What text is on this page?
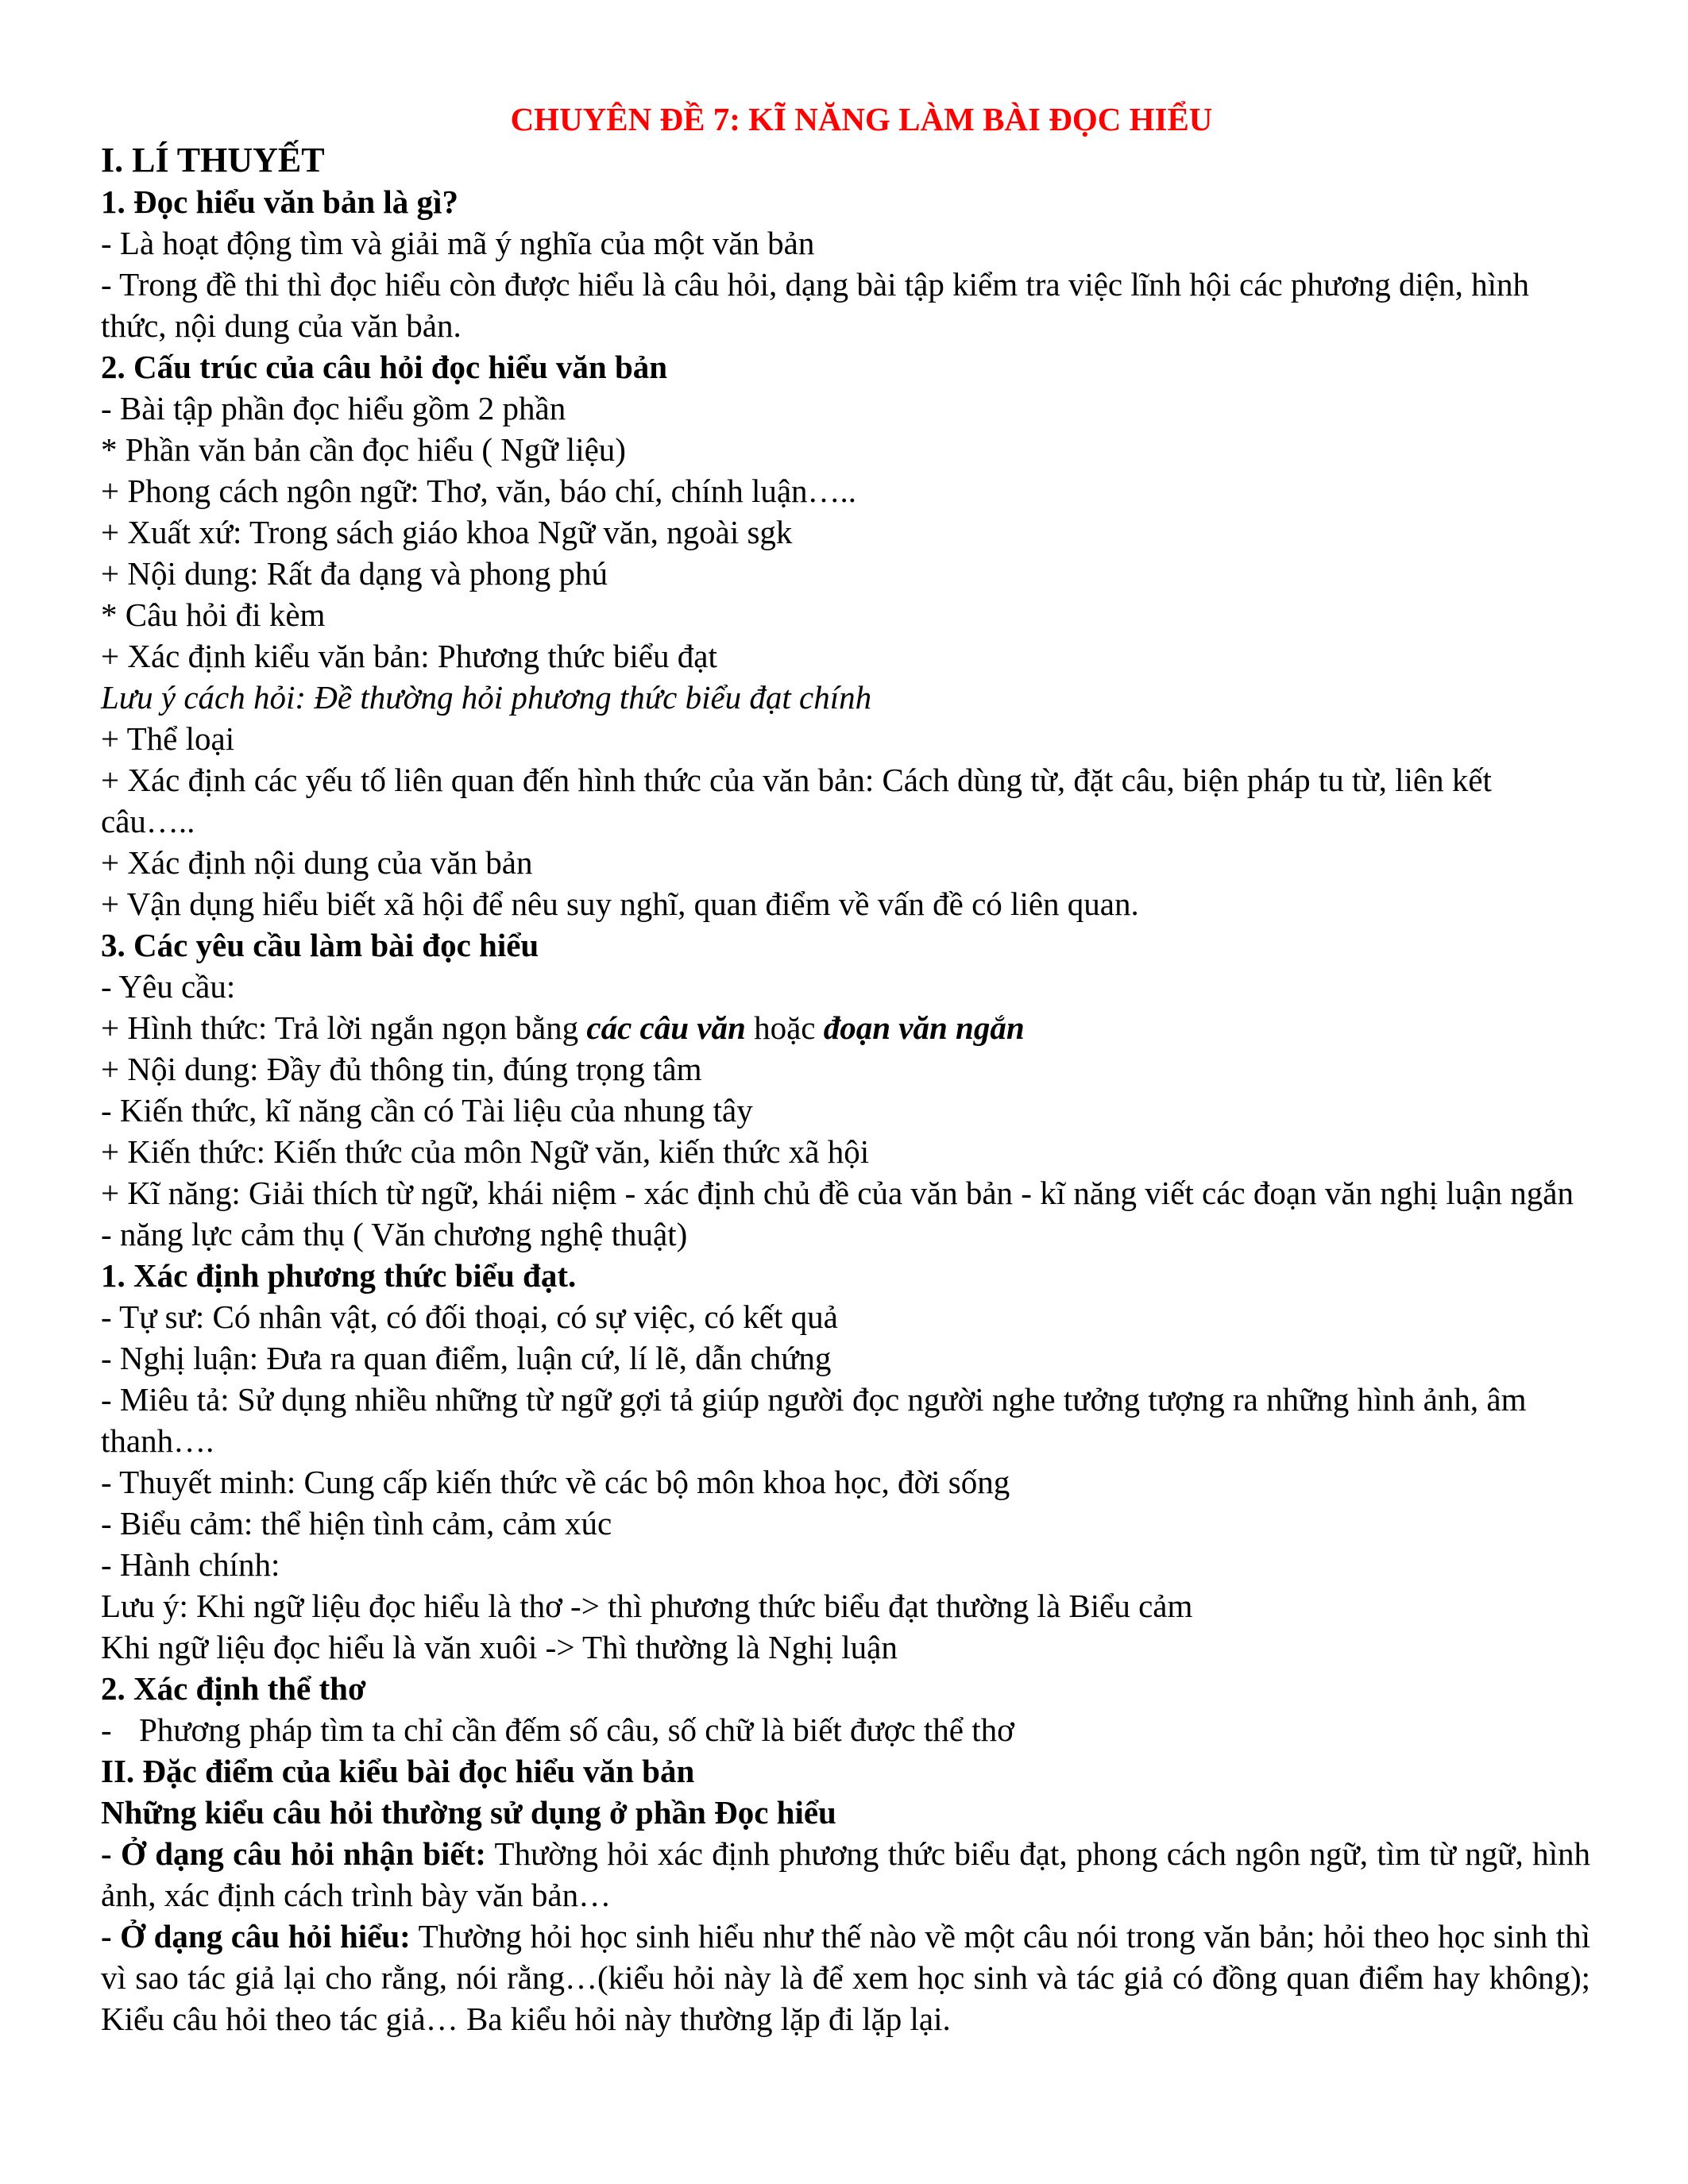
CHUYÊN ĐỀ 7: KĨ NĂNG LÀM BÀI ĐỌC HIỂU

I. LÍ THUYẾT

1. Đọc hiểu văn bản là gì?

- Là hoạt động tìm và giải mã ý nghĩa của một văn bản

- Trong đề thi thì đọc hiểu còn được hiểu là câu hỏi, dạng bài tập kiểm tra việc lĩnh hội các phương diện, hình thức, nội dung của văn bản.

2. Cấu trúc của câu hỏi đọc hiểu văn bản

- Bài tập phần đọc hiểu gồm 2 phần

* Phần văn bản cần đọc hiểu ( Ngữ liệu)

+ Phong cách ngôn ngữ: Thơ, văn, báo chí, chính luận…..

+ Xuất xứ: Trong sách giáo khoa Ngữ văn, ngoài sgk

+ Nội dung: Rất đa dạng và phong phú

* Câu hỏi đi kèm

+ Xác định kiểu văn bản: Phương thức biểu đạt

Lưu ý cách hỏi: Đề thường hỏi phương thức biểu đạt chính

+ Thể loại

+ Xác định các yếu tố liên quan đến hình thức của văn bản: Cách dùng từ, đặt câu, biện pháp tu từ, liên kết câu…..

+ Xác định nội dung của văn bản

+ Vận dụng hiểu biết xã hội để nêu suy nghĩ, quan điểm về vấn đề có liên quan.

3. Các yêu cầu làm bài đọc hiểu

- Yêu cầu:

+ Hình thức: Trả lời ngắn ngọn bằng các câu văn hoặc đoạn văn ngắn

+ Nội dung: Đầy đủ thông tin, đúng trọng tâm

- Kiến thức, kĩ năng cần có Tài liệu của nhung tây

+ Kiến thức: Kiến thức của môn Ngữ văn, kiến thức xã hội

+ Kĩ năng: Giải thích từ ngữ, khái niệm - xác định chủ đề của văn bản - kĩ năng viết các đoạn văn nghị luận ngắn - năng lực cảm thụ ( Văn chương nghệ thuật)

1. Xác định phương thức biểu đạt.

- Tự sư: Có nhân vật, có đối thoại, có sự việc, có kết quả

- Nghị luận: Đưa ra quan điểm, luận cứ, lí lẽ, dẫn chứng

- Miêu tả: Sử dụng nhiều những từ ngữ gợi tả giúp người đọc người nghe tưởng tượng ra những hình ảnh, âm thanh….

- Thuyết minh: Cung cấp kiến thức về các bộ môn khoa học, đời sống

- Biểu cảm: thể hiện tình cảm, cảm xúc

- Hành chính:

Lưu ý: Khi ngữ liệu đọc hiểu là thơ -> thì phương thức biểu đạt thường là Biểu cảm

Khi ngữ liệu đọc hiểu là văn xuôi -> Thì thường là Nghị luận

2. Xác định thể thơ

- Phương pháp tìm ta chỉ cần đếm số câu, số chữ là biết được thể thơ

II. Đặc điểm của kiểu bài đọc hiểu văn bản

Những kiểu câu hỏi thường sử dụng ở phần Đọc hiểu

- Ở dạng câu hỏi nhận biết: Thường hỏi xác định phương thức biểu đạt, phong cách ngôn ngữ, tìm từ ngữ, hình ảnh, xác định cách trình bày văn bản…

- Ở dạng câu hỏi hiểu: Thường hỏi học sinh hiểu như thế nào về một câu nói trong văn bản; hỏi theo học sinh thì vì sao tác giả lại cho rằng, nói rằng…(kiểu hỏi này là để xem học sinh và tác giả có đồng quan điểm hay không); Kiểu câu hỏi theo tác giả… Ba kiểu hỏi này thường lặp đi lặp lại.
